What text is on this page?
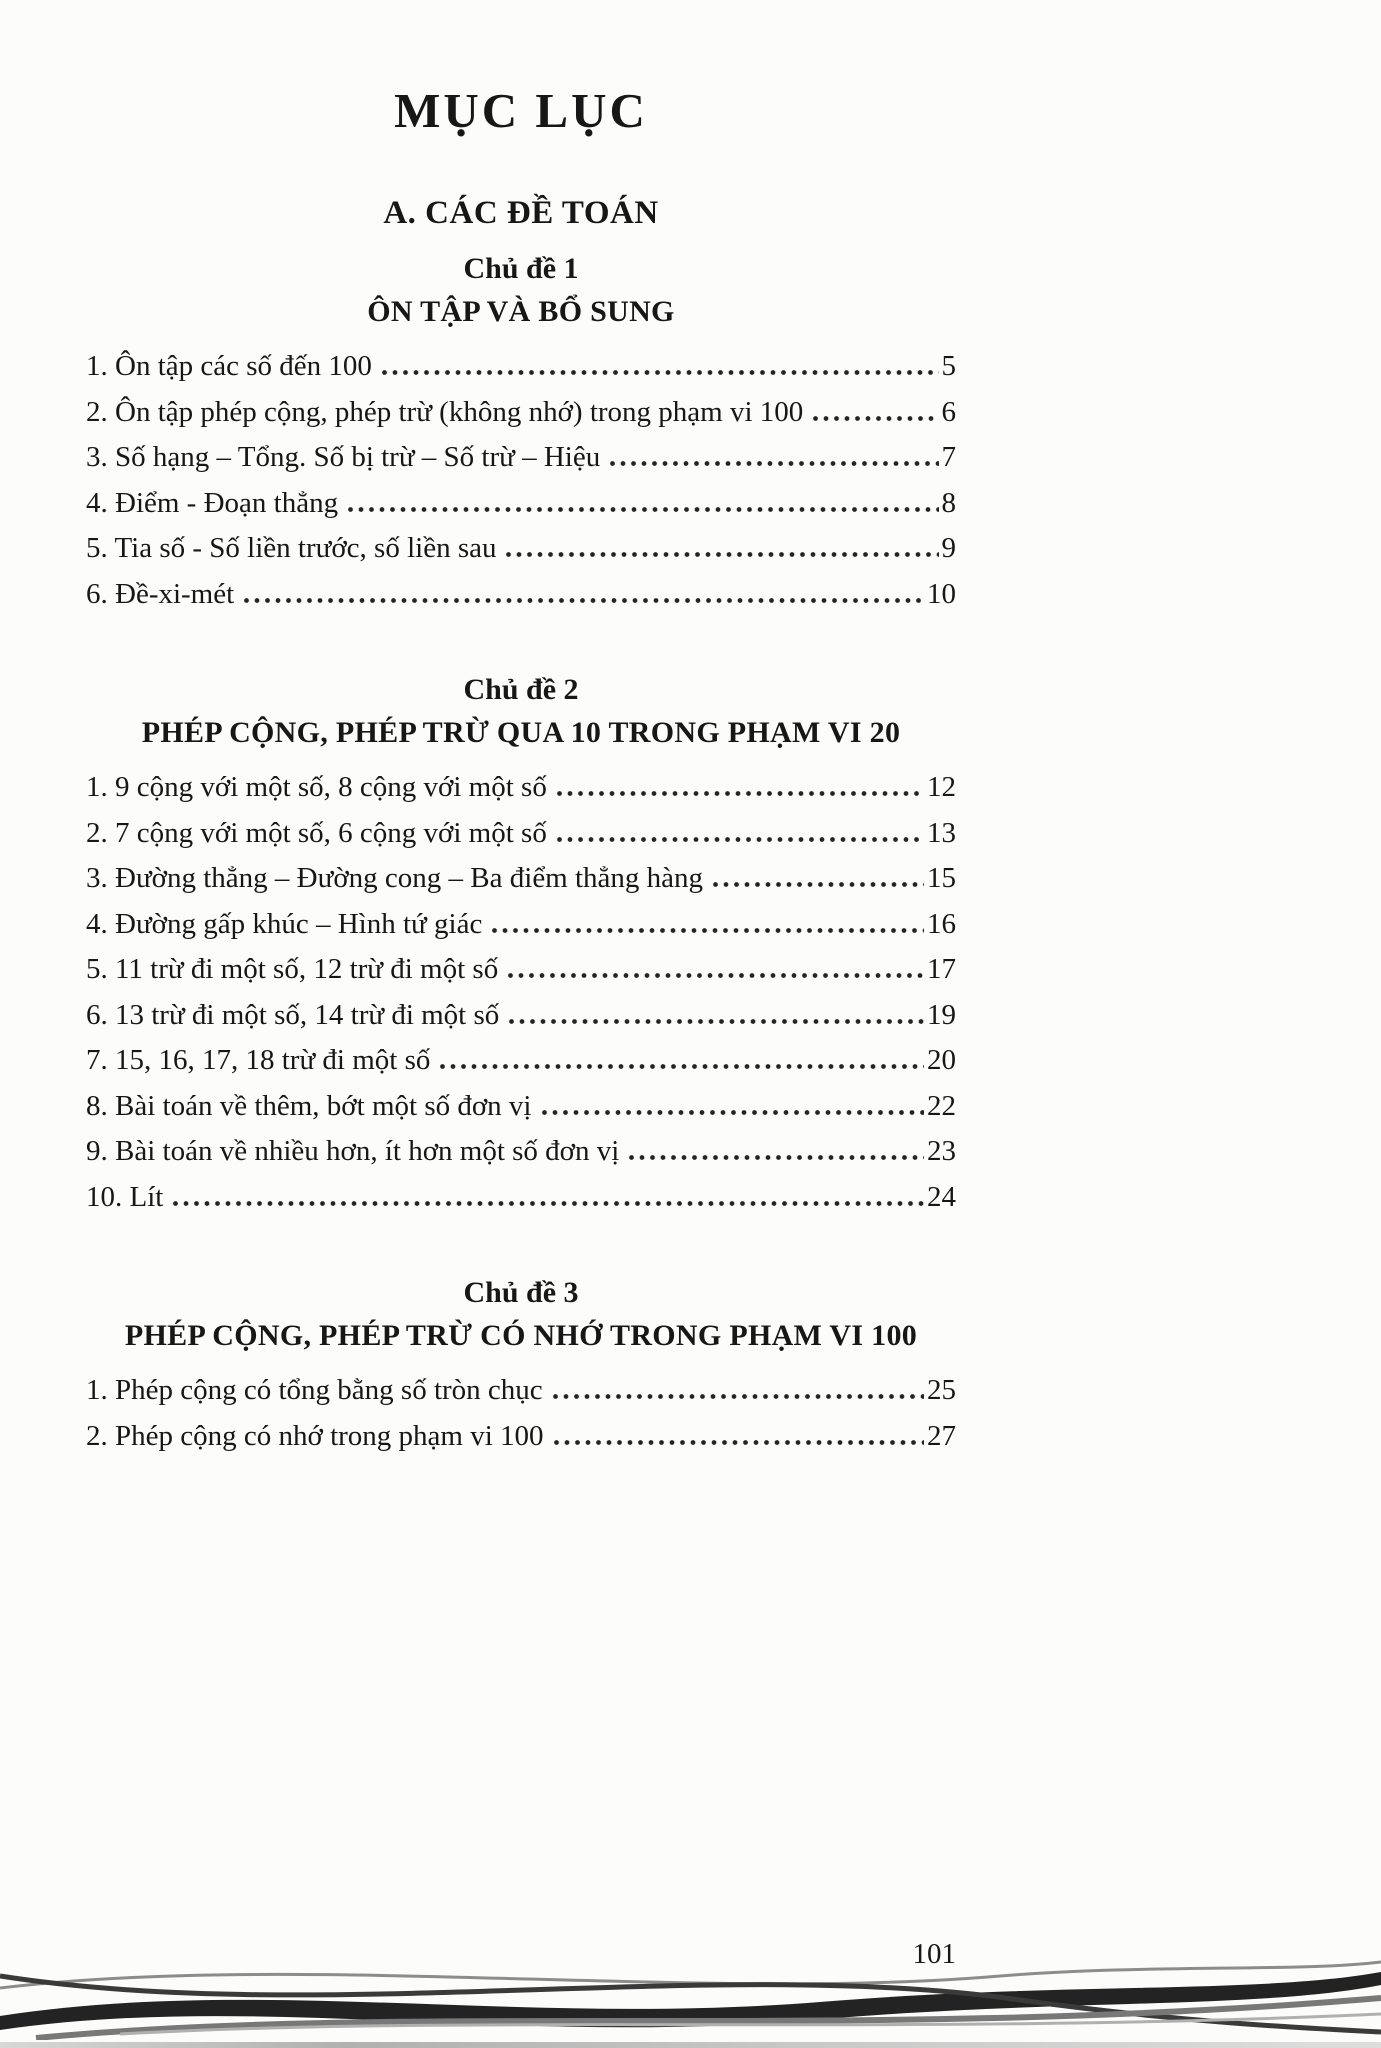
MỤC LỤC
A. CÁC ĐỀ TOÁN
Chủ đề 1
ÔN TẬP VÀ BỔ SUNG
1. Ôn tập các số đến 100	5
2. Ôn tập phép cộng, phép trừ (không nhớ) trong phạm vi 100	6
3. Số hạng – Tổng. Số bị trừ – Số trừ – Hiệu	7
4. Điểm - Đoạn thẳng	8
5. Tia số - Số liền trước, số liền sau	9
6. Đề-xi-mét	10
Chủ đề 2
PHÉP CỘNG, PHÉP TRỪ QUA 10 TRONG PHẠM VI 20
1. 9 cộng với một số, 8 cộng với một số	12
2. 7 cộng với một số, 6 cộng với một số	13
3. Đường thẳng – Đường cong – Ba điểm thẳng hàng	15
4. Đường gấp khúc – Hình tứ giác	16
5. 11 trừ đi một số, 12 trừ đi một số	17
6. 13 trừ đi một số, 14 trừ đi một số	19
7. 15, 16, 17, 18 trừ đi một số	20
8. Bài toán về thêm, bớt một số đơn vị	22
9. Bài toán về nhiều hơn, ít hơn một số đơn vị	23
10. Lít	24
Chủ đề 3
PHÉP CỘNG, PHÉP TRỪ CÓ NHỚ TRONG PHẠM VI 100
1. Phép cộng có tổng bằng số tròn chục	25
2. Phép cộng có nhớ trong phạm vi 100	27
101
